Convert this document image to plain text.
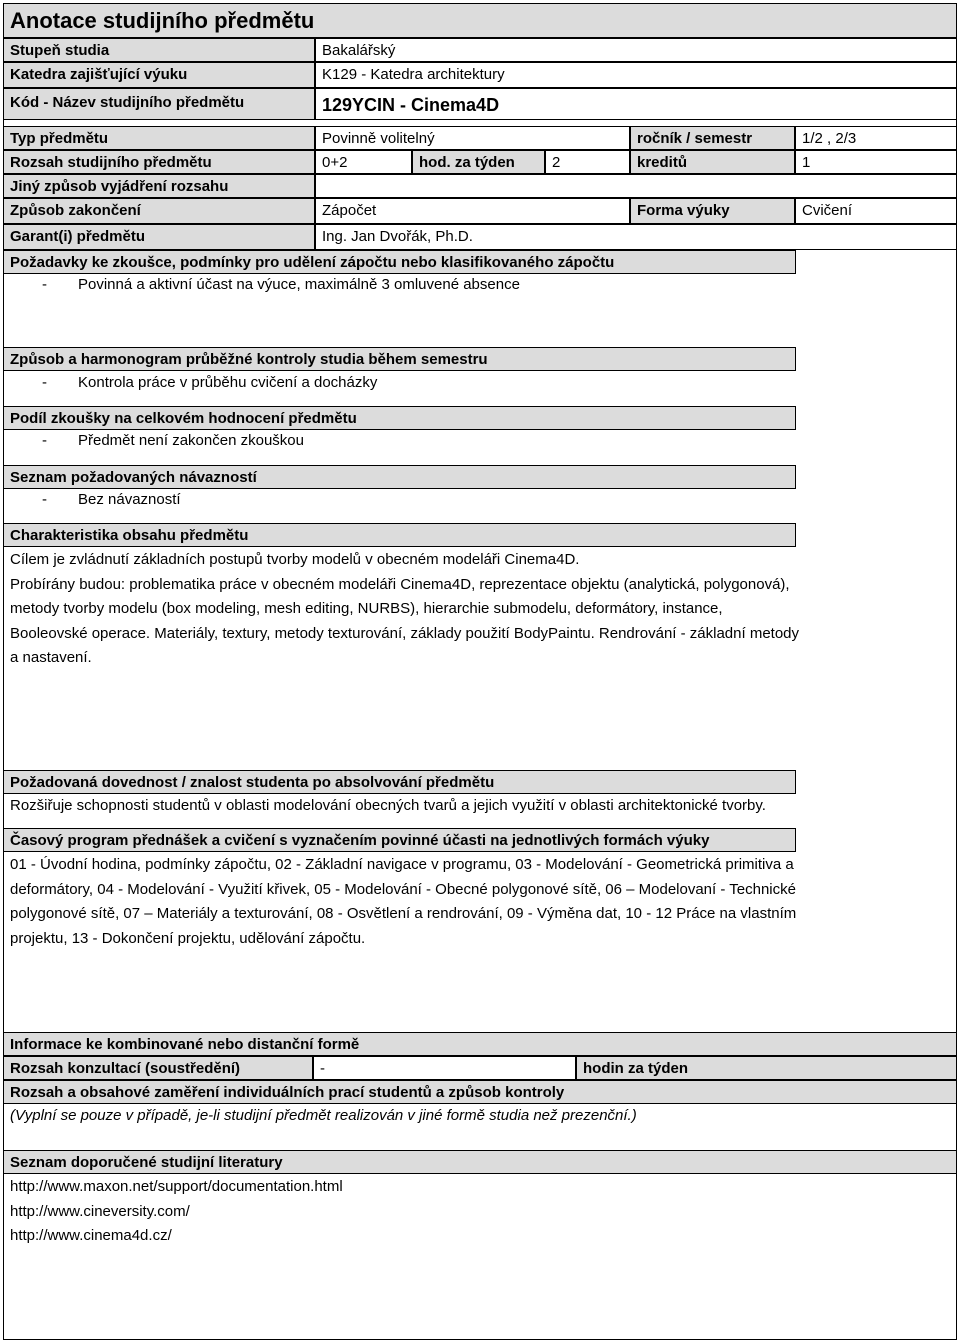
Anotace studijního předmětu
Stupeň studia	Bakalářský
Katedra zajišťující výuku	K129 - Katedra architektury
Kód - Název studijního předmětu	129YCIN - Cinema4D
Typ předmětu	Povinně volitelný	ročník / semestr	1/2 , 2/3
Rozsah studijního předmětu	0+2	hod. za týden	2	kreditů	1
Jiný způsob vyjádření rozsahu
Způsob zakončení	Zápočet	Forma výuky	Cvičení
Garant(i) předmětu	Ing. Jan Dvořák, Ph.D.
Požadavky ke zkoušce, podmínky pro udělení zápočtu nebo klasifikovaného zápočtu
- Povinná a aktivní účast na výuce, maximálně 3 omluvené absence
Způsob a harmonogram průběžné kontroly studia během semestru
- Kontrola práce v průběhu cvičení a docházky
Podíl zkoušky na celkovém hodnocení předmětu
- Předmět není zakončen zkouškou
Seznam požadovaných návazností
- Bez návazností
Charakteristika obsahu předmětu
Cílem je zvládnutí základních postupů tvorby modelů v obecném modeláři Cinema4D.
Probírány budou: problematika práce v obecném modeláři Cinema4D, reprezentace objektu (analytická, polygonová),
metody tvorby modelu (box modeling, mesh editing, NURBS), hierarchie submodelu, deformátory, instance,
Booleovské operace. Materiály, textury, metody texturování, základy použití BodyPaintu. Rendrování - základní metody
a nastavení.
Požadovaná dovednost / znalost studenta po absolvování předmětu
Rozšiřuje schopnosti studentů v oblasti modelování obecných tvarů a jejich využití v oblasti architektonické tvorby.
Časový program přednášek a cvičení s vyznačením povinné účasti na jednotlivých formách výuky
01 - Úvodní hodina, podmínky zápočtu, 02 - Základní navigace v programu, 03 - Modelování - Geometrická primitiva a
deformátory, 04 - Modelování - Využití křivek, 05 - Modelování - Obecné polygonové sítě, 06 – Modelovaní - Technické
polygonové sítě, 07 – Materiály a texturování, 08 - Osvětlení a rendrování, 09 - Výměna dat, 10 - 12 Práce na vlastním
projektu, 13 - Dokončení projektu, udělování zápočtu.
Informace ke kombinované nebo distanční formě
Rozsah konzultací (soustředění)	-	hodin za týden
Rozsah a obsahové zaměření individuálních prací studentů a způsob kontroly
(Vyplní se pouze v případě, je-li studijní předmět realizován v jiné formě studia než prezenční.)
Seznam doporučené studijní literatury
http://www.maxon.net/support/documentation.html
http://www.cineversity.com/
http://www.cinema4d.cz/
